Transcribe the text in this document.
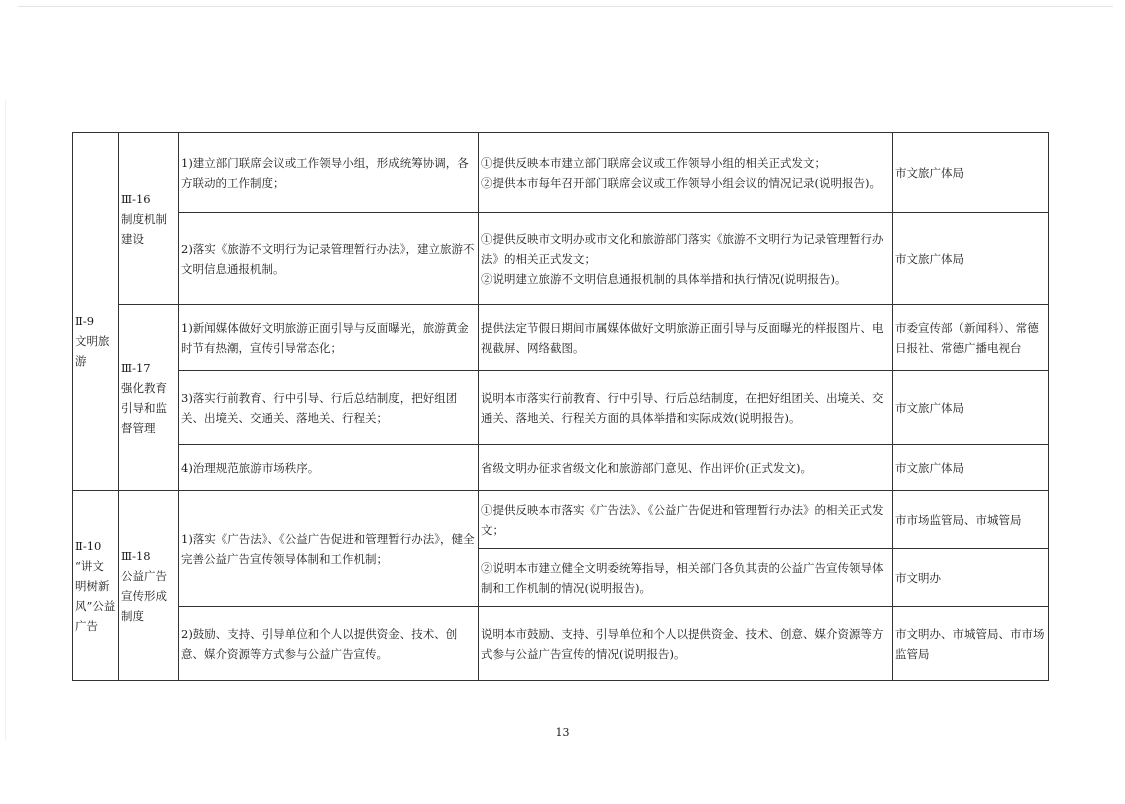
Ⅱ-9
文明旅
游	Ⅲ-16
制度机制
建设	1)建立部门联席会议或工作领导小组，形成统筹协调，各方联动的工作制度；	①提供反映本市建立部门联席会议或工作领导小组的相关正式发文；
②提供本市每年召开部门联席会议或工作领导小组会议的情况记录(说明报告)。	市文旅广体局
		2)落实《旅游不文明行为记录管理暂行办法》，建立旅游不文明信息通报机制。	①提供反映市文明办或市文化和旅游部门落实《旅游不文明行为记录管理暂行办法》的相关正式发文；
②说明建立旅游不文明信息通报机制的具体举措和执行情况(说明报告)。	市文旅广体局

	Ⅲ-17
强化教育
引导和监
督管理	1)新闻媒体做好文明旅游正面引导与反面曝光，旅游黄金时节有热潮，宣传引导常态化；	提供法定节假日期间市属媒体做好文明旅游正面引导与反面曝光的样报图片、电视截屏、网络截图。	市委宣传部（新闻科）、常德日报社、常德广播电视台
		3)落实行前教育、行中引导、行后总结制度，把好组团关、出境关、交通关、落地关、行程关；	说明本市落实行前教育、行中引导、行后总结制度，在把好组团关、出境关、交通关、落地关、行程关方面的具体举措和实际成效(说明报告)。	市文旅广体局
		4)治理规范旅游市场秩序。	省级文明办征求省级文化和旅游部门意见、作出评价(正式发文)。	市文旅广体局

Ⅱ-10
“讲文
明树新
风”公益
广告	Ⅲ-18
公益广告
宣传形成
制度	1)落实《广告法》、《公益广告促进和管理暂行办法》，健全完善公益广告宣传领导体制和工作机制；	①提供反映本市落实《广告法》、《公益广告促进和管理暂行办法》的相关正式发文；	市市场监管局、市城管局
			②说明本市建立健全文明委统筹指导，相关部门各负其责的公益广告宣传领导体制和工作机制的情况(说明报告)。	市文明办
		2)鼓励、支持、引导单位和个人以提供资金、技术、创意、媒介资源等方式参与公益广告宣传。	说明本市鼓励、支持、引导单位和个人以提供资金、技术、创意、媒介资源等方式参与公益广告宣传的情况(说明报告)。	市文明办、市城管局、市市场监管局
13
